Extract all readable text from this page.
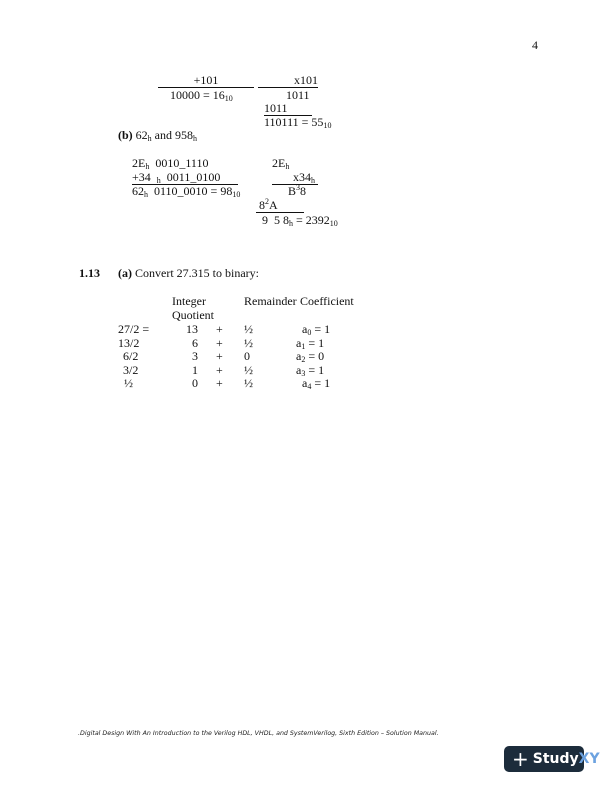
4
+101
$10000 = 16_{10}$
x101
1011
1011
$110111 = 55_{10}$
(b) $62_h$ and $958_h$
$2E_h$ 0010_1110
+34 $_h$ 0011_0100
$62_h$ 0110_0010 = $98_{10}$
$2E_h$
$x34_h$
$B^38$
$8^2A$
9  5 $8_h = 2392_{10}$
1.13 (a) Convert 27.315 to binary:
Integer
Quotient
Remainder Coefficient
27/2 =	13 + ½	$a_0 = 1$
13/2	6 + ½	$a_1 = 1$
6/2	3 + 0	$a_2 = 0$
3/2	1 + ½	$a_3 = 1$
½	0 + ½	$a_4 = 1$
.Digital Design With An Introduction to the Verilog HDL, VHDL, and SystemVerilog, Sixth Edition – Solution Manual.
+ Study XY
